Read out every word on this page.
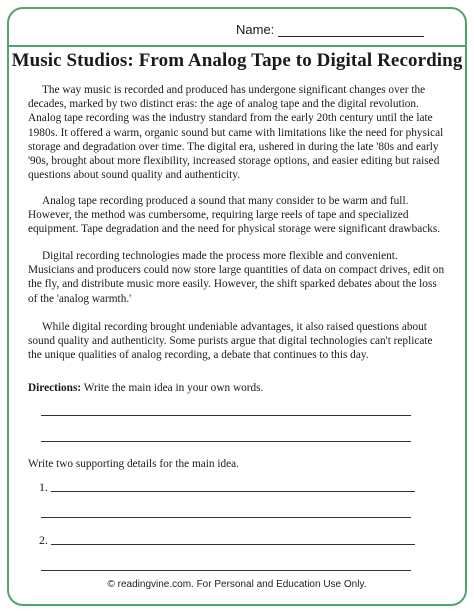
Name:
Music Studios: From Analog Tape to Digital Recording

The way music is recorded and produced has undergone significant changes over the decades, marked by two distinct eras: the age of analog tape and the digital revolution. Analog tape recording was the industry standard from the early 20th century until the late 1980s. It offered a warm, organic sound but came with limitations like the need for physical storage and degradation over time. The digital era, ushered in during the late '80s and early '90s, brought about more flexibility, increased storage options, and easier editing but raised questions about sound quality and authenticity.

Analog tape recording produced a sound that many consider to be warm and full. However, the method was cumbersome, requiring large reels of tape and specialized equipment. Tape degradation and the need for physical storage were significant drawbacks.

Digital recording technologies made the process more flexible and convenient. Musicians and producers could now store large quantities of data on compact drives, edit on the fly, and distribute music more easily. However, the shift sparked debates about the loss of the 'analog warmth.'

While digital recording brought undeniable advantages, it also raised questions about sound quality and authenticity. Some purists argue that digital technologies can't replicate the unique qualities of analog recording, a debate that continues to this day.

Directions: Write the main idea in your own words.
Write two supporting details for the main idea.
1.
2.
© readingvine.com. For Personal and Education Use Only.
